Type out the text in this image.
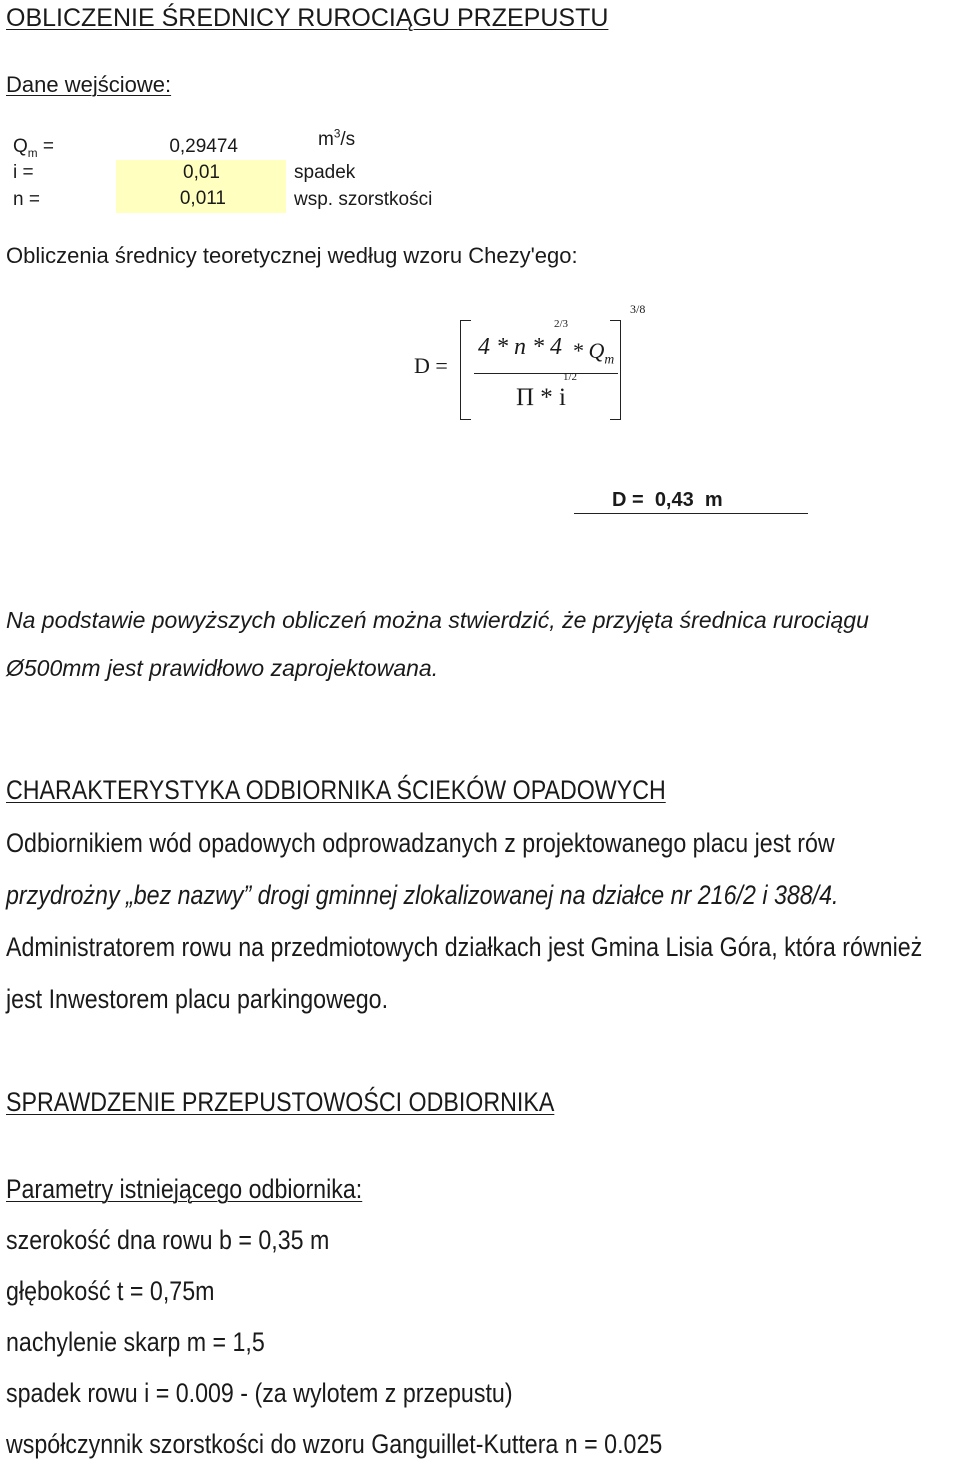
OBLICZENIE ŚREDNICY RUROCIĄGU PRZEPUSTU
Dane wejściowe:
$Q_m$ =	0,29474	$m^3/s$
i =	0,01	spadek
n =	0,011	wsp. szorstkości
Obliczenia średnicy teoretycznej według wzoru Chezy'ego:
D =
4 * n * 4
2/3
* $Q_m$
Π * i
1/2
3/8
D = 0,43 m
Na podstawie powyższych obliczeń można stwierdzić, że przyjęta średnica rurociągu
Ø500mm jest prawidłowo zaprojektowana.
CHARAKTERYSTYKA ODBIORNIKA ŚCIEKÓW OPADOWYCH
Odbiornikiem wód opadowych odprowadzanych z projektowanego placu jest rów
przydrożny „bez nazwy” drogi gminnej zlokalizowanej na działce nr 216/2 i 388/4.
Administratorem rowu na przedmiotowych działkach jest Gmina Lisia Góra, która również
jest Inwestorem placu parkingowego.
SPRAWDZENIE PRZEPUSTOWOŚCI ODBIORNIKA
Parametry istniejącego odbiornika:
szerokość dna rowu b = 0,35 m
głębokość t = 0,75m
nachylenie skarp m = 1,5
spadek rowu i = 0.009 - (za wylotem z przepustu)
współczynnik szorstkości do wzoru Ganguillet-Kuttera n = 0.025
